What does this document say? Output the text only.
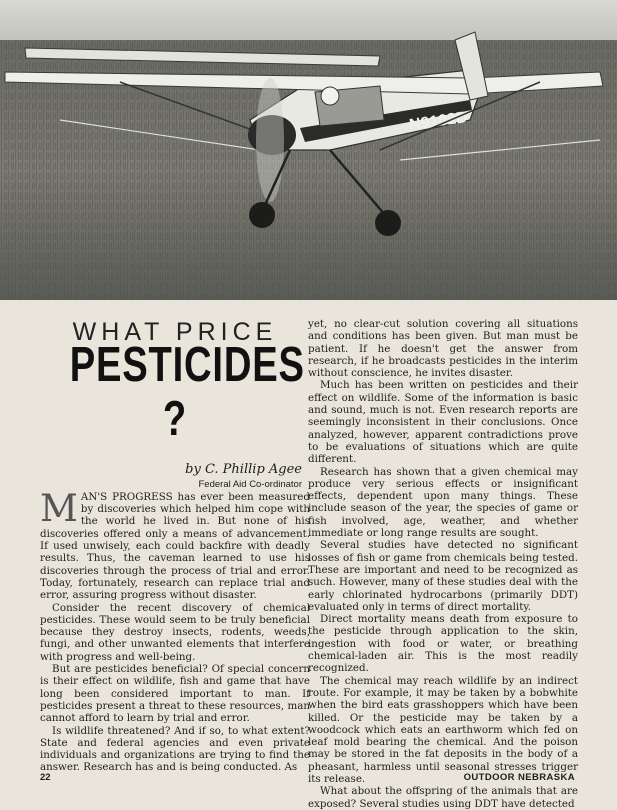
N9102D
WHAT PRICE
PESTICIDES ?
by C. Phillip Agee
Federal Aid Co-ordinator

MAN'S PROGRESS has ever been measured by discoveries which helped him cope with the world he lived in. But none of his discoveries offered only a means of advancement. If used unwisely, each could backfire with deadly results. Thus, the caveman learned to use his discoveries through the process of trial and error. Today, fortunately, research can replace trial and error, assuring progress without disaster.

Consider the recent discovery of chemical pesticides. These would seem to be truly beneficial because they destroy insects, rodents, weeds, fungi, and other unwanted elements that interfere with progress and well-being.

But are pesticides beneficial? Of special concern is their effect on wildlife, fish and game that have long been considered important to man. If pesticides present a threat to these resources, man cannot afford to learn by trial and error.

Is wildlife threatened? And if so, to what extent? State and federal agencies and even private individuals and organizations are trying to find the answer. Research has and is being conducted. As

yet, no clear-cut solution covering all situations and conditions has been given. But man must be patient. If he doesn't get the answer from research, if he broadcasts pesticides in the interim without conscience, he invites disaster.

Much has been written on pesticides and their effect on wildlife. Some of the information is basic and sound, much is not. Even research reports are seemingly inconsistent in their conclusions. Once analyzed, however, apparent contradictions prove to be evaluations of situations which are quite different.

Research has shown that a given chemical may produce very serious effects or insignificant effects, dependent upon many things. These include season of the year, the species of game or fish involved, age, weather, and whether immediate or long range results are sought.

Several studies have detected no significant losses of fish or game from chemicals being tested. These are important and need to be recognized as such. However, many of these studies deal with the early chlorinated hydrocarbons (primarily DDT) evaluated only in terms of direct mortality.

Direct mortality means death from exposure to the pesticide through application to the skin, ingestion with food or water, or breathing chemical-laden air. This is the most readily recognized.

The chemical may reach wildlife by an indirect route. For example, it may be taken by a bobwhite when the bird eats grasshoppers which have been killed. Or the pesticide may be taken by a woodcock which eats an earthworm which fed on leaf mold bearing the chemical. And the poison may be stored in the fat deposits in the body of a pheasant, harmless until seasonal stresses trigger its release.

What about the offspring of the animals that are exposed? Several studies using DDT have detected

22	OUTDOOR NEBRASKA
